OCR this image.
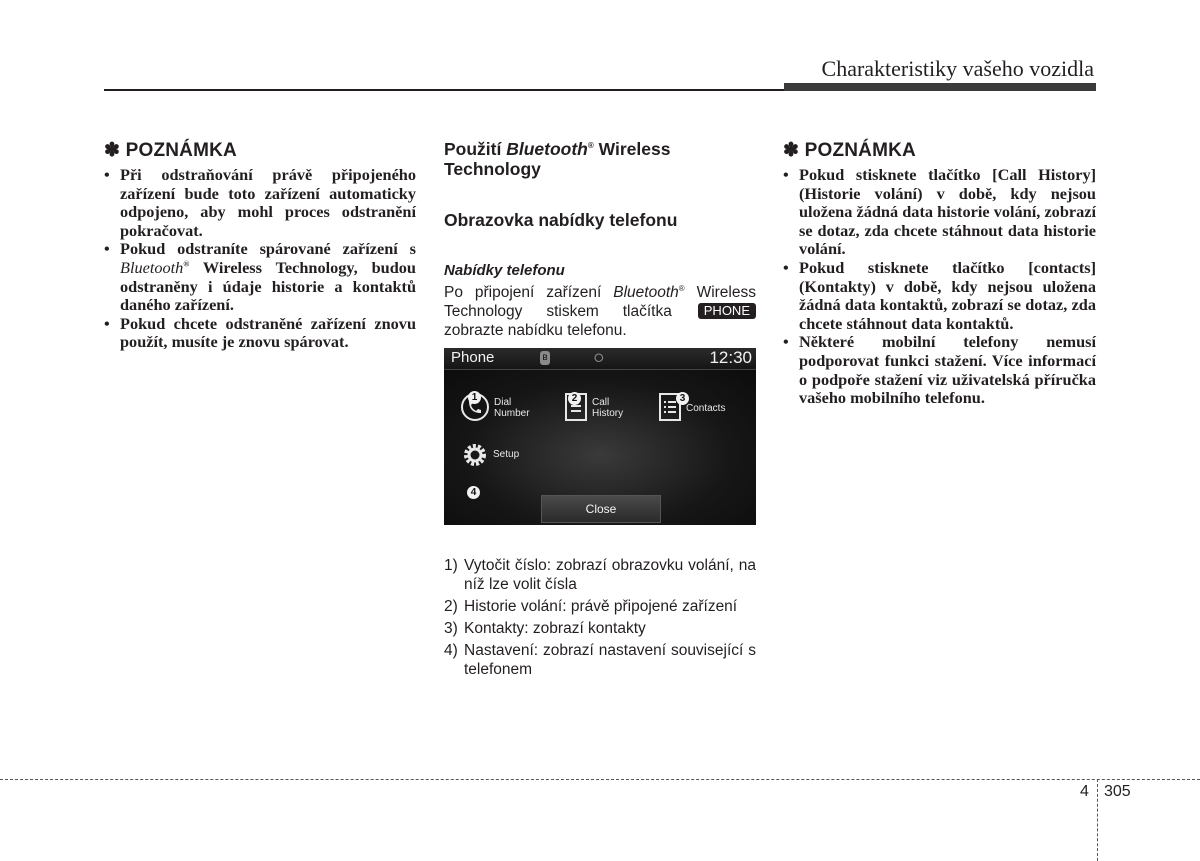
Charakteristiky vašeho vozidla
✽ POZNÁMKA
• Při odstraňování právě připojeného zařízení bude toto zařízení automaticky odpojeno, aby mohl proces odstranění pokračovat.
• Pokud odstraníte spárované zařízení s Bluetooth® Wireless Technology, budou odstraněny i údaje historie a kontaktů daného zařízení.
• Pokud chcete odstraněné zařízení znovu použít, musíte je znovu spárovat.
Použití Bluetooth® Wireless Technology
Obrazovka nabídky telefonu
Nabídky telefonu
Po připojení zařízení Bluetooth® Wireless Technology stiskem tlačítka PHONE zobrazte nabídku telefonu.
Phone	ʙ	⭘	12:30
1	Dial
Number
2	Call
History
3
Contacts
Setup
4
Close
1) Vytočit číslo: zobrazí obrazovku volání, na níž lze volit čísla
2) Historie volání: právě připojené zařízení
3) Kontakty: zobrazí kontakty
4) Nastavení: zobrazí nastavení související s telefonem
✽ POZNÁMKA
• Pokud stisknete tlačítko [Call History] (Historie volání) v době, kdy nejsou uložena žádná data historie volání, zobrazí se dotaz, zda chcete stáhnout data historie volání.
• Pokud stisknete tlačítko [contacts] (Kontakty) v době, kdy nejsou uložena žádná data kontaktů, zobrazí se dotaz, zda chcete stáhnout data kontaktů.
• Některé mobilní telefony nemusí podporovat funkci stažení. Více informací o podpoře stažení viz uživatelská příručka vašeho mobilního telefonu.
4 305
